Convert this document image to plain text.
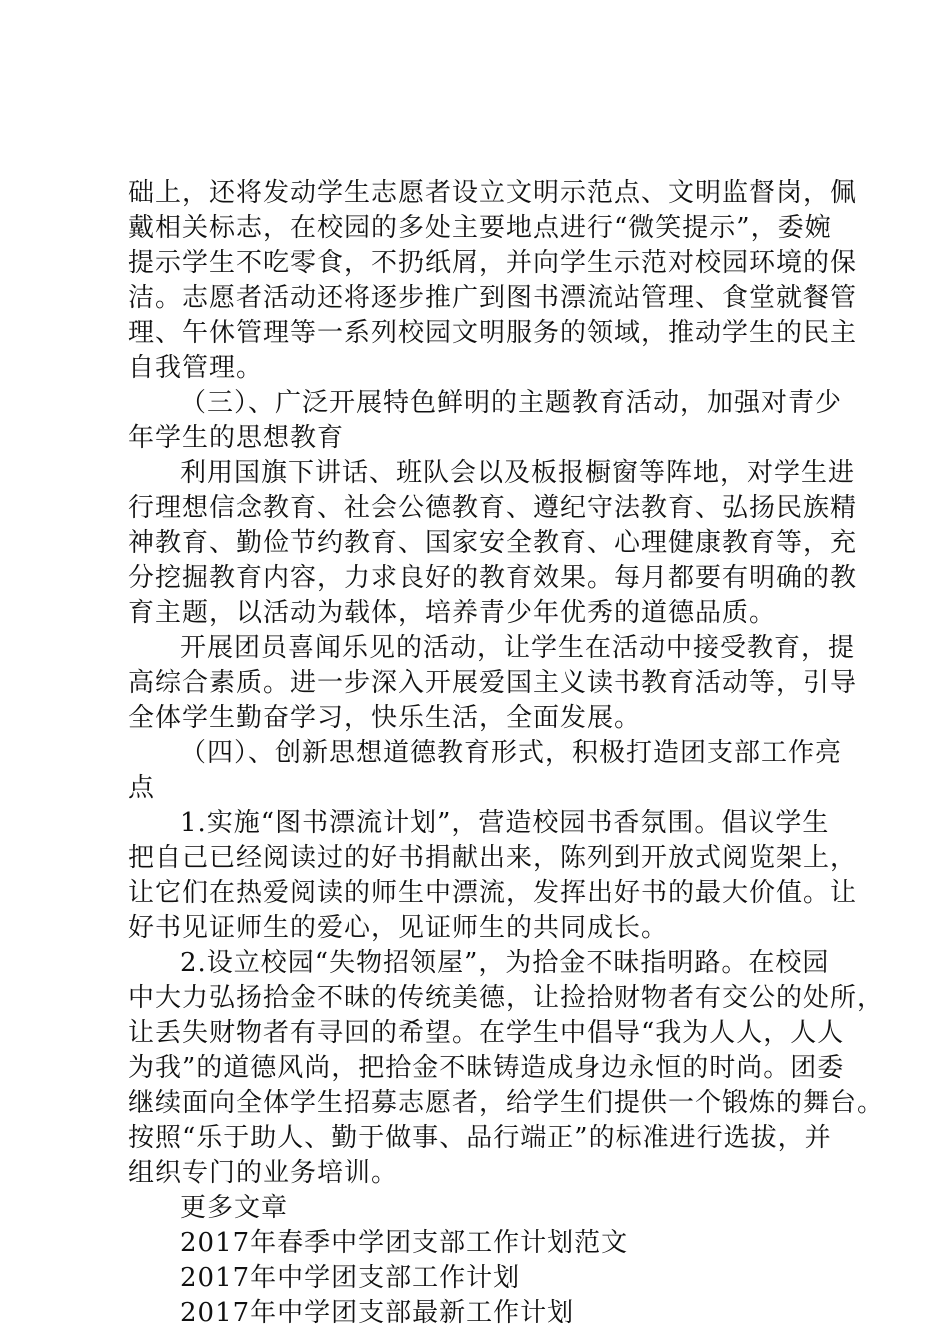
础上，还将发动学生志愿者设立文明示范点、文明监督岗，佩
戴相关标志，在校园的多处主要地点进行“微笑提示”，委婉
提示学生不吃零食，不扔纸屑，并向学生示范对校园环境的保
洁。志愿者活动还将逐步推广到图书漂流站管理、食堂就餐管
理、午休管理等一系列校园文明服务的领域，推动学生的民主
自我管理。
（三）、广泛开展特色鲜明的主题教育活动，加强对青少
年学生的思想教育
利用国旗下讲话、班队会以及板报橱窗等阵地，对学生进
行理想信念教育、社会公德教育、遵纪守法教育、弘扬民族精
神教育、勤俭节约教育、国家安全教育、心理健康教育等，充
分挖掘教育内容，力求良好的教育效果。每月都要有明确的教
育主题，以活动为载体，培养青少年优秀的道德品质。
开展团员喜闻乐见的活动，让学生在活动中接受教育，提
高综合素质。进一步深入开展爱国主义读书教育活动等，引导
全体学生勤奋学习，快乐生活，全面发展。
（四）、创新思想道德教育形式，积极打造团支部工作亮
点
1.实施“图书漂流计划”，营造校园书香氛围。倡议学生
把自己已经阅读过的好书捐献出来，陈列到开放式阅览架上，
让它们在热爱阅读的师生中漂流，发挥出好书的最大价值。让
好书见证师生的爱心，见证师生的共同成长。
2.设立校园“失物招领屋”，为拾金不昧指明路。在校园
中大力弘扬拾金不昧的传统美德，让捡拾财物者有交公的处所，
让丢失财物者有寻回的希望。在学生中倡导“我为人人，人人
为我”的道德风尚，把拾金不昧铸造成身边永恒的时尚。团委
继续面向全体学生招募志愿者，给学生们提供一个锻炼的舞台。
按照“乐于助人、勤于做事、品行端正”的标准进行选拔，并
组织专门的业务培训。
更多文章
2017年春季中学团支部工作计划范文
2017年中学团支部工作计划
2017年中学团支部最新工作计划
